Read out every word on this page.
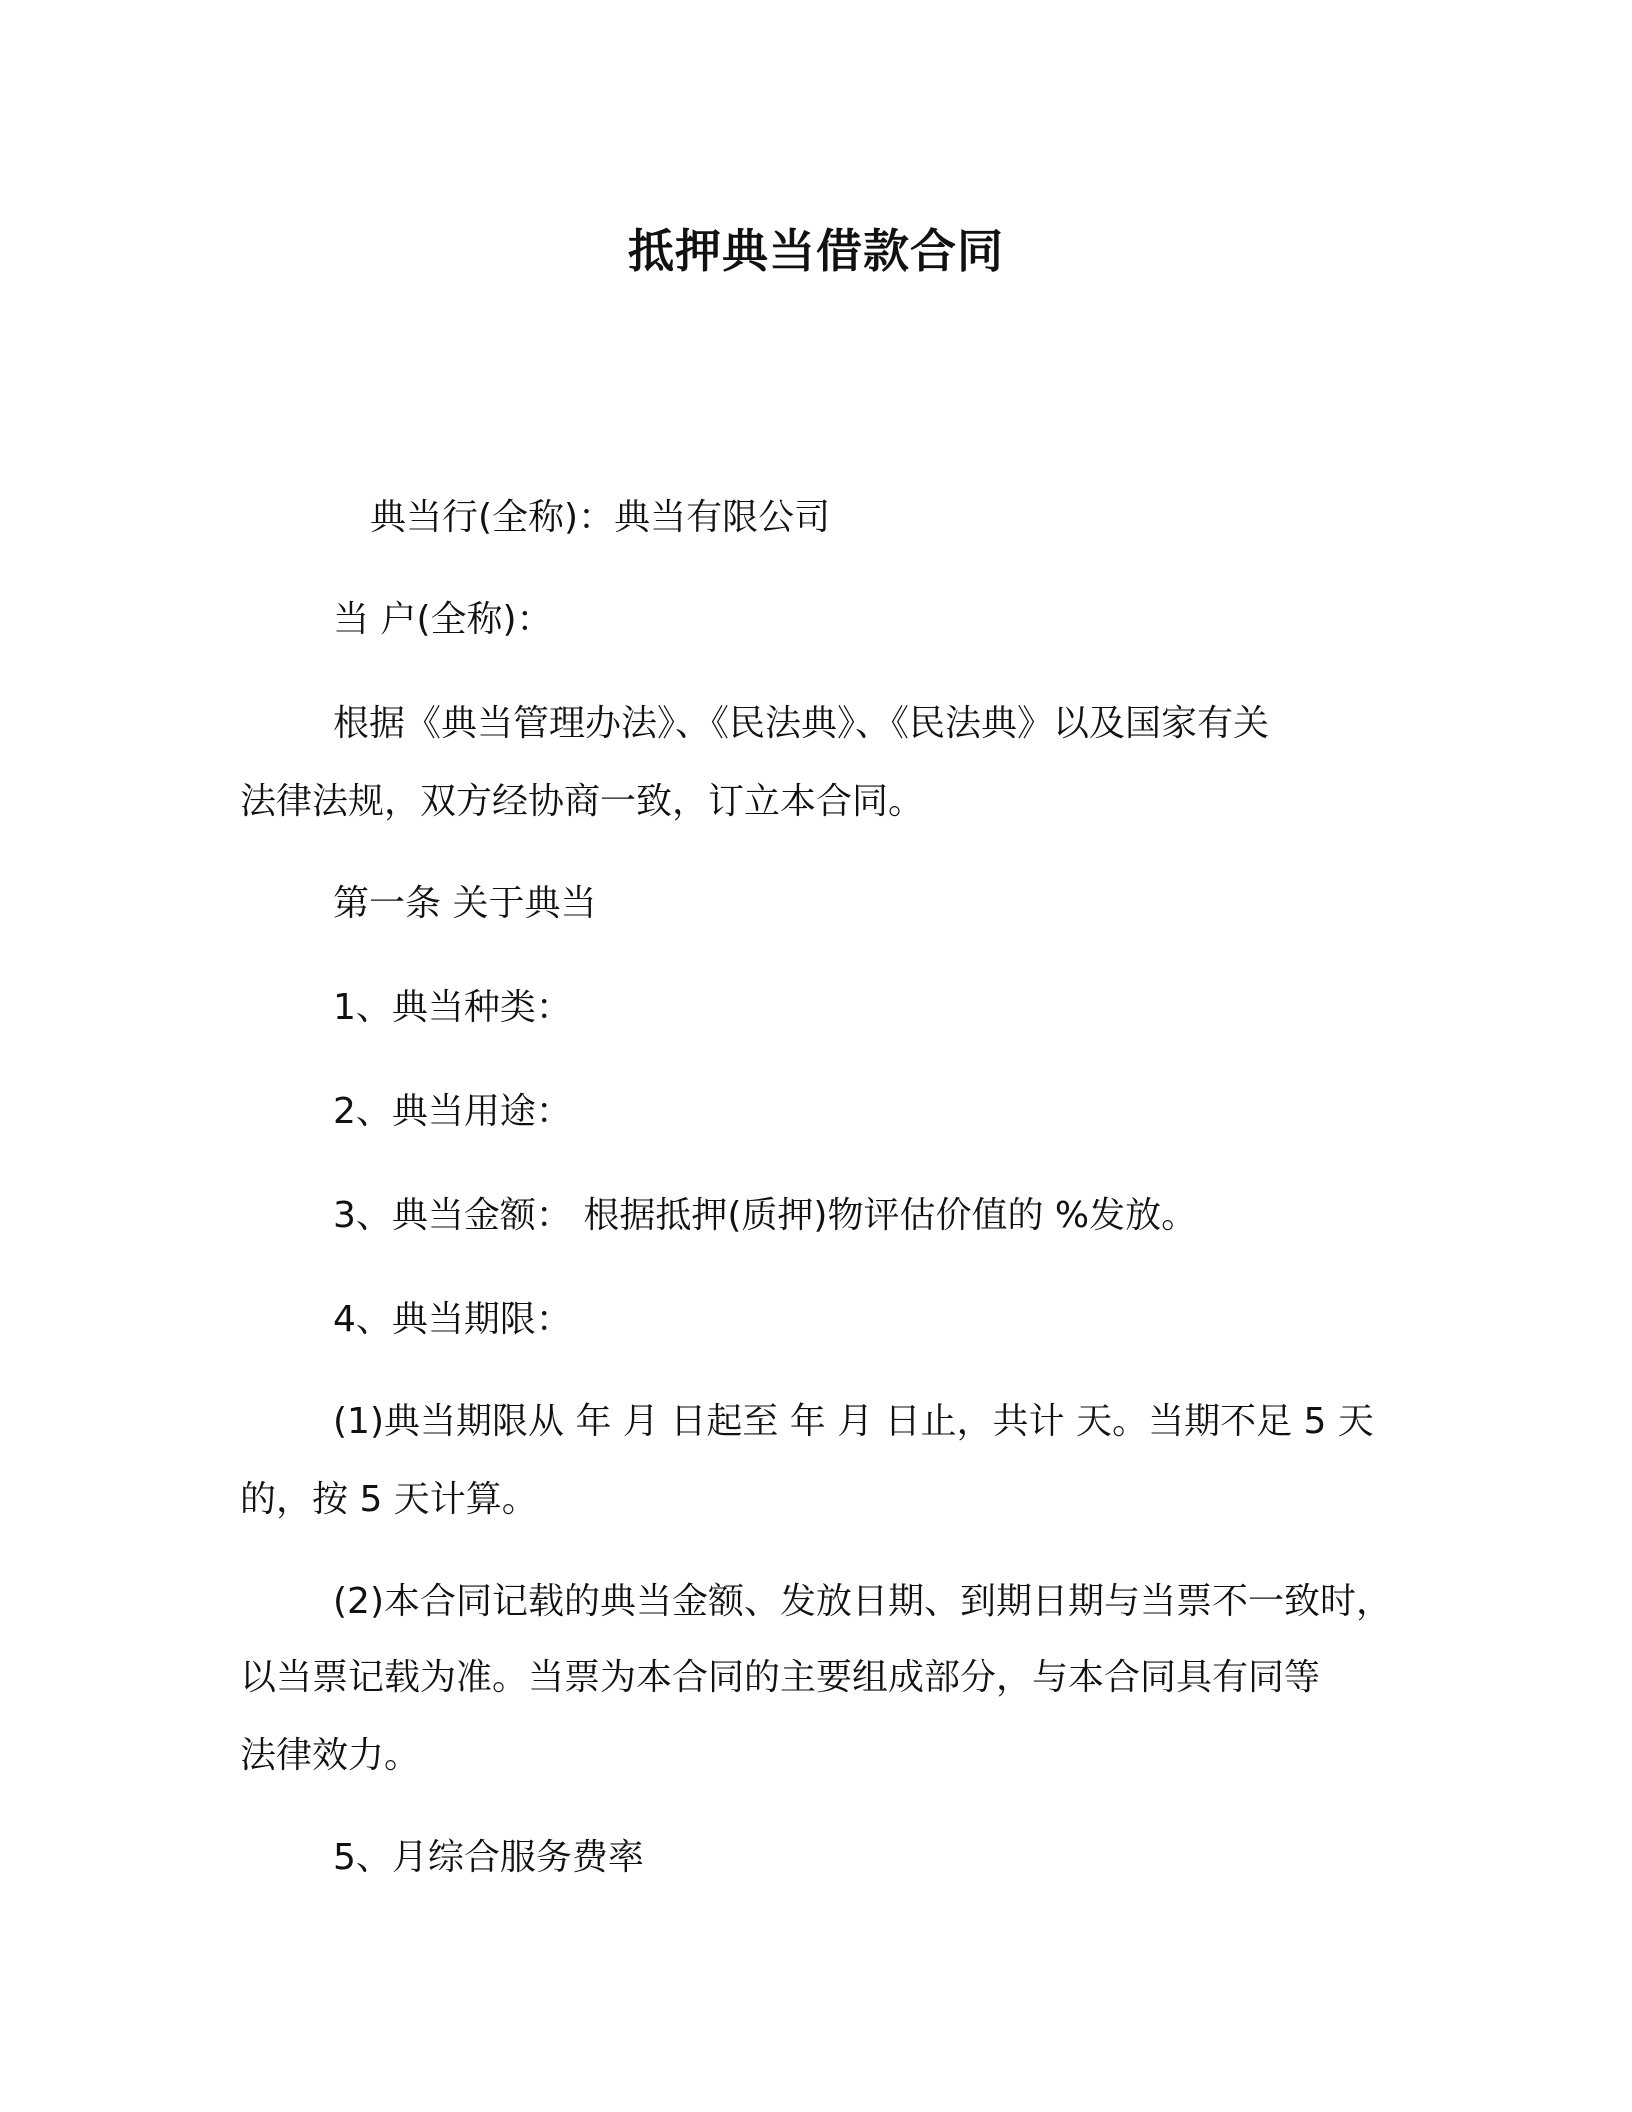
抵押典当借款合同
典当行(全称)：典当有限公司
当 户(全称)：
根据《典当管理办法》、《民法典》、《民法典》以及国家有关
法律法规，双方经协商一致，订立本合同。
第一条 关于典当
1、典当种类：
2、典当用途：
3、典当金额： 根据抵押(质押)物评估价值的 %发放。
4、典当期限：
(1)典当期限从 年 月 日起至 年 月 日止，共计 天。当期不足 5 天
的，按 5 天计算。
(2)本合同记载的典当金额、发放日期、到期日期与当票不一致时，
以当票记载为准。当票为本合同的主要组成部分，与本合同具有同等
法律效力。
5、月综合服务费率
